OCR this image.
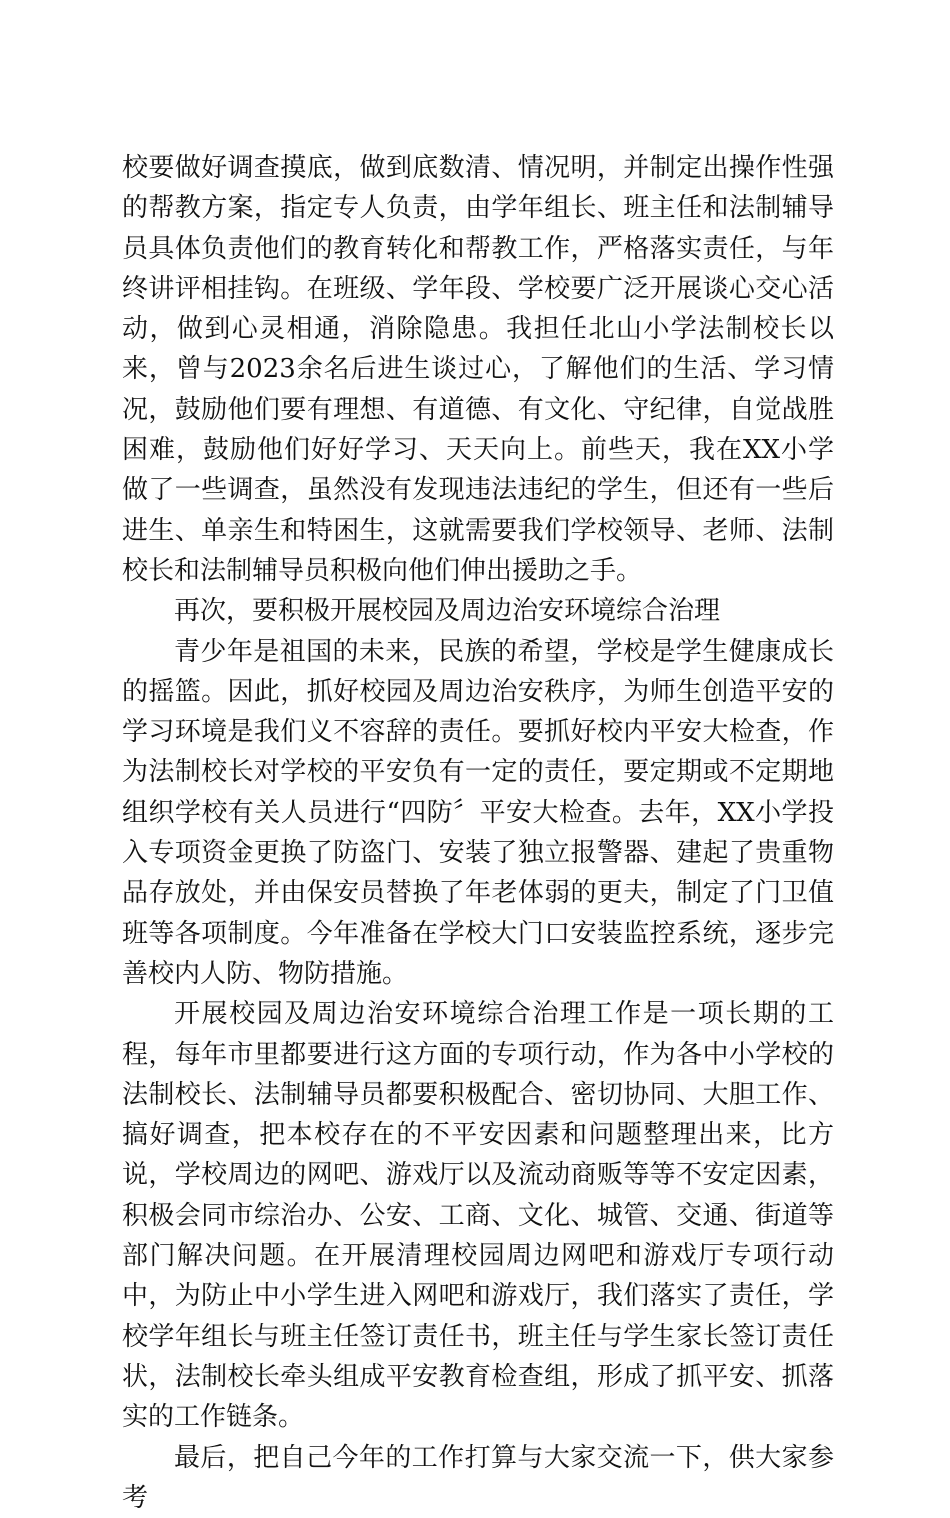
校要做好调查摸底，做到底数清、情况明，并制定出操作性强的帮教方案，指定专人负责，由学年组长、班主任和法制辅导员具体负责他们的教育转化和帮教工作，严格落实责任，与年终讲评相挂钩。在班级、学年段、学校要广泛开展谈心交心活动，做到心灵相通，消除隐患。我担任北山小学法制校长以来，曾与2023余名后进生谈过心，了解他们的生活、学习情况，鼓励他们要有理想、有道德、有文化、守纪律，自觉战胜困难，鼓励他们好好学习、天天向上。前些天，我在XX小学做了一些调查，虽然没有发现违法违纪的学生，但还有一些后进生、单亲生和特困生，这就需要我们学校领导、老师、法制校长和法制辅导员积极向他们伸出援助之手。

再次，要积极开展校园及周边治安环境综合治理

青少年是祖国的未来，民族的希望，学校是学生健康成长的摇篮。因此，抓好校园及周边治安秩序，为师生创造平安的学习环境是我们义不容辞的责任。要抓好校内平安大检查，作为法制校长对学校的平安负有一定的责任，要定期或不定期地组织学校有关人员进行“四防〞平安大检查。去年，XX小学投入专项资金更换了防盗门、安装了独立报警器、建起了贵重物品存放处，并由保安员替换了年老体弱的更夫，制定了门卫值班等各项制度。今年准备在学校大门口安装监控系统，逐步完善校内人防、物防措施。

开展校园及周边治安环境综合治理工作是一项长期的工程，每年市里都要进行这方面的专项行动，作为各中小学校的法制校长、法制辅导员都要积极配合、密切协同、大胆工作、搞好调查，把本校存在的不平安因素和问题整理出来，比方说，学校周边的网吧、游戏厅以及流动商贩等等不安定因素，积极会同市综治办、公安、工商、文化、城管、交通、街道等部门解决问题。在开展清理校园周边网吧和游戏厅专项行动中，为防止中小学生进入网吧和游戏厅，我们落实了责任，学校学年组长与班主任签订责任书，班主任与学生家长签订责任状，法制校长牵头组成平安教育检查组，形成了抓平安、抓落实的工作链条。

最后，把自己今年的工作打算与大家交流一下，供大家参考
